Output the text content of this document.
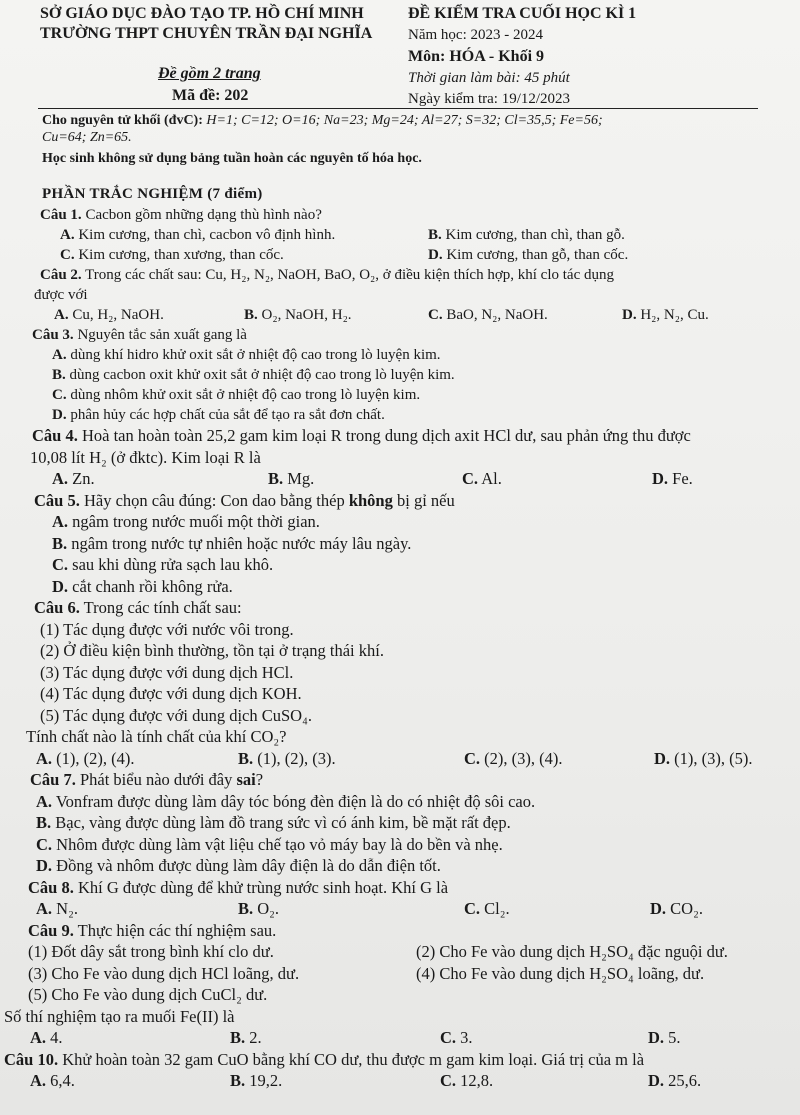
SỞ GIÁO DỤC ĐÀO TẠO TP. HỒ CHÍ MINH
TRƯỜNG THPT CHUYÊN TRẦN ĐẠI NGHĨA
Đề gồm 2 trang
Mã đề: 202
ĐỀ KIỂM TRA CUỐI HỌC KÌ 1
Năm học: 2023 - 2024
Môn: HÓA - Khối 9
Thời gian làm bài: 45 phút
Ngày kiểm tra: 19/12/2023
Cho nguyên tử khối (đvC): H=1; C=12; O=16; Na=23; Mg=24; Al=27; S=32; Cl=35,5; Fe=56;
Cu=64; Zn=65.
Học sinh không sử dụng bảng tuần hoàn các nguyên tố hóa học.
PHẦN TRẮC NGHIỆM (7 điểm)
Câu 1. Cacbon gồm những dạng thù hình nào?
A. Kim cương, than chì, cacbon vô định hình.	B. Kim cương, than chì, than gỗ.
C. Kim cương, than xương, than cốc.	D. Kim cương, than gỗ, than cốc.
Câu 2. Trong các chất sau: Cu, H₂, N₂, NaOH, BaO, O₂, ở điều kiện thích hợp, khí clo tác dụng
được với
A. Cu, H₂, NaOH.	B. O₂, NaOH, H₂.	C. BaO, N₂, NaOH.	D. H₂, N₂, Cu.
Câu 3. Nguyên tắc sản xuất gang là
A. dùng khí hidro khử oxit sắt ở nhiệt độ cao trong lò luyện kim.
B. dùng cacbon oxit khử oxit sắt ở nhiệt độ cao trong lò luyện kim.
C. dùng nhôm khử oxit sắt ở nhiệt độ cao trong lò luyện kim.
D. phân hủy các hợp chất của sắt để tạo ra sắt đơn chất.
Câu 4. Hoà tan hoàn toàn 25,2 gam kim loại R trong dung dịch axit HCl dư, sau phản ứng thu được
10,08 lít H₂ (ở đktc). Kim loại R là
A. Zn.	B. Mg.	C. Al.	D. Fe.
Câu 5. Hãy chọn câu đúng: Con dao bằng thép không bị gỉ nếu
A. ngâm trong nước muối một thời gian.
B. ngâm trong nước tự nhiên hoặc nước máy lâu ngày.
C. sau khi dùng rửa sạch lau khô.
D. cắt chanh rồi không rửa.
Câu 6. Trong các tính chất sau:
(1) Tác dụng được với nước vôi trong.
(2) Ở điều kiện bình thường, tồn tại ở trạng thái khí.
(3) Tác dụng được với dung dịch HCl.
(4) Tác dụng được với dung dịch KOH.
(5) Tác dụng được với dung dịch CuSO₄.
Tính chất nào là tính chất của khí CO₂?
A. (1), (2), (4).	B. (1), (2), (3).	C. (2), (3), (4).	D. (1), (3), (5).
Câu 7. Phát biểu nào dưới đây sai?
A. Vonfram được dùng làm dây tóc bóng đèn điện là do có nhiệt độ sôi cao.
B. Bạc, vàng được dùng làm đồ trang sức vì có ánh kim, bề mặt rất đẹp.
C. Nhôm được dùng làm vật liệu chế tạo vỏ máy bay là do bền và nhẹ.
D. Đồng và nhôm được dùng làm dây điện là do dẫn điện tốt.
Câu 8. Khí G được dùng để khử trùng nước sinh hoạt. Khí G là
A. N₂.	B. O₂.	C. Cl₂.	D. CO₂.
Câu 9. Thực hiện các thí nghiệm sau.
(1) Đốt dây sắt trong bình khí clo dư.	(2) Cho Fe vào dung dịch H₂SO₄ đặc nguội dư.
(3) Cho Fe vào dung dịch HCl loãng, dư.	(4) Cho Fe vào dung dịch H₂SO₄ loãng, dư.
(5) Cho Fe vào dung dịch CuCl₂ dư.
Số thí nghiệm tạo ra muối Fe(II) là
A. 4.	B. 2.	C. 3.	D. 5.
Câu 10. Khử hoàn toàn 32 gam CuO bằng khí CO dư, thu được m gam kim loại. Giá trị của m là
A. 6,4.	B. 19,2.	C. 12,8.	D. 25,6.
